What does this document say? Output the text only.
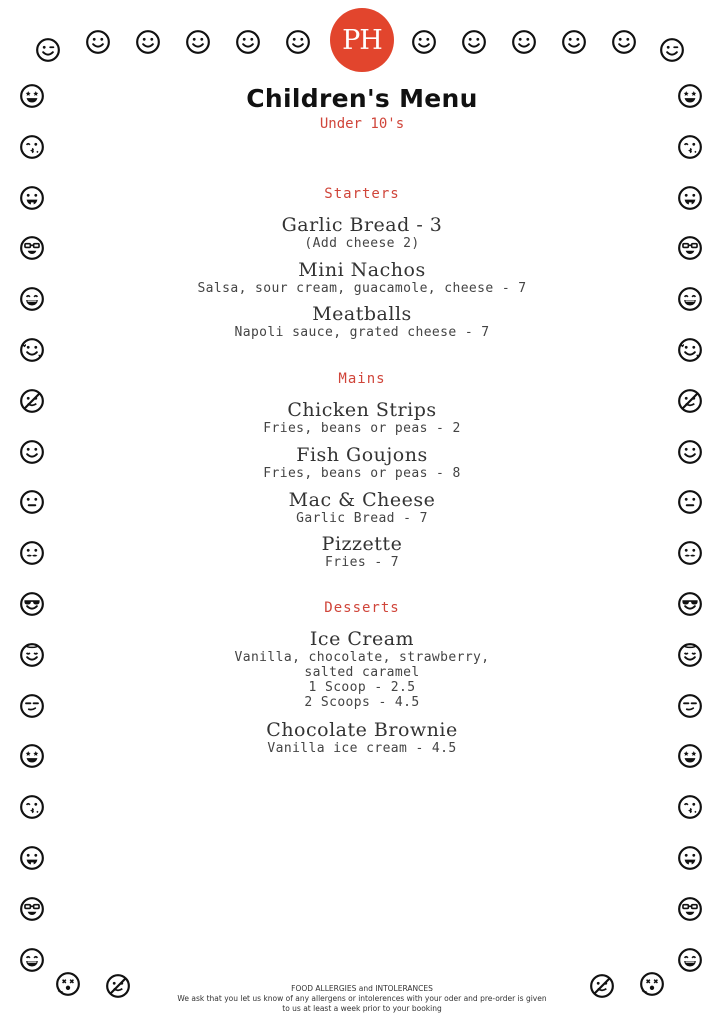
PH
Children's Menu
Under 10's
Starters
Garlic Bread - 3
(Add cheese 2)
Mini Nachos
Salsa, sour cream, guacamole, cheese - 7
Meatballs
Napoli sauce, grated cheese - 7
Mains
Chicken Strips
Fries, beans or peas - 2
Fish Goujons
Fries, beans or peas - 8
Mac & Cheese
Garlic Bread - 7
Pizzette
Fries - 7
Desserts
Ice Cream
Vanilla, chocolate, strawberry,
salted caramel
1 Scoop - 2.5
2 Scoops - 4.5
Chocolate Brownie
Vanilla ice cream - 4.5
FOOD ALLERGIES and INTOLERANCES
We ask that you let us know of any allergens or intolerences with your oder and pre-order is given
to us at least a week prior to your booking
